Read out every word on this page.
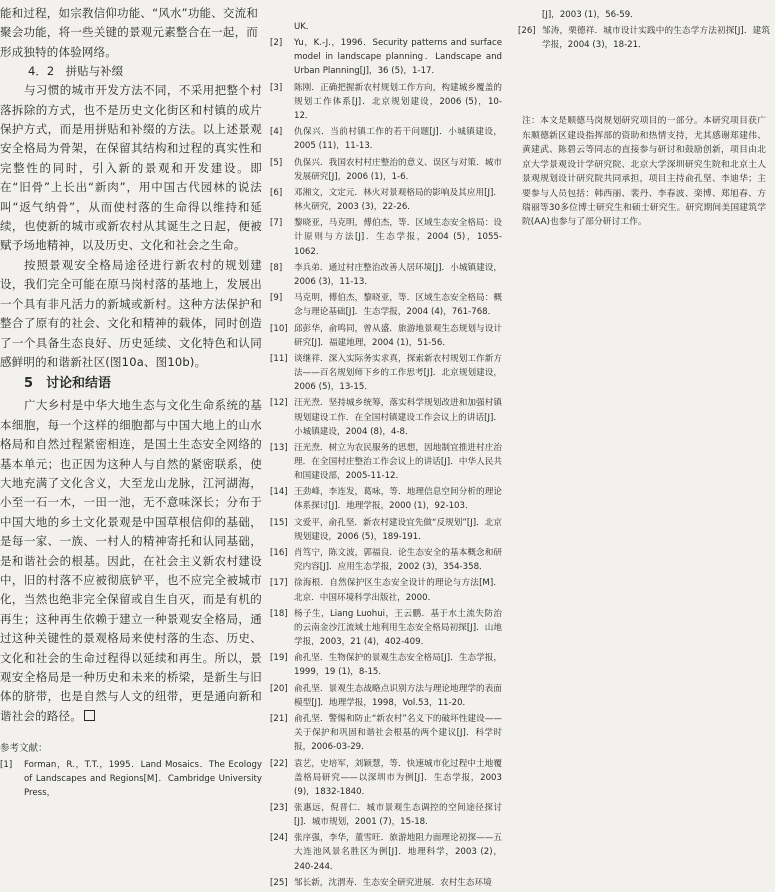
能和过程，如宗教信仰功能、“风水”功能、交流和聚会功能，将一些关键的景观元素整合在一起，而形成独特的体验网络。

4．2　拼贴与补缀

与习惯的城市开发方法不同，不采用把整个村落拆除的方式，也不是历史文化街区和村镇的成片保护方式，而是用拼贴和补缀的方法。以上述景观安全格局为骨架，在保留其结构和过程的真实性和完整性的同时，引入新的景观和开发建设。即在“旧骨”上长出“新肉”，用中国古代园林的说法叫“返气纳骨”，从而使村落的生命得以维持和延续，也使新的城市或新农村从其诞生之日起，便被赋予场地精神，以及历史、文化和社会之生命。

按照景观安全格局途径进行新农村的规划建设，我们完全可能在原马岗村落的基地上，发展出一个具有非凡活力的新城或新村。这种方法保护和整合了原有的社会、文化和精神的载体，同时创造了一个具备生态良好、历史延续、文化特色和认同感鲜明的和谐新社区(图10a、图10b)。

5　讨论和结语

广大乡村是中华大地生态与文化生命系统的基本细胞，每一个这样的细胞都与中国大地上的山水格局和自然过程紧密相连，是国土生态安全网络的基本单元；也正因为这种人与自然的紧密联系，使大地充满了文化含义，大至龙山龙脉，江河湖海，小至一石一木，一田一池，无不意味深长；分布于中国大地的乡土文化景观是中国草根信仰的基础，是每一家、一族、一村人的精神寄托和认同基础，是和谐社会的根基。因此，在社会主义新农村建设中，旧的村落不应被彻底铲平，也不应完全被城市化，当然也绝非完全保留或自生自灭，而是有机的再生；这种再生依赖于建立一种景观安全格局，通过这种关键性的景观格局来使村落的生态、历史、文化和社会的生命过程得以延续和再生。所以，景观安全格局是一种历史和未来的桥梁，是新生与旧体的脐带，也是自然与人文的纽带，更是通向新和谐社会的路径。

参考文献：

[1]	Forman，R.，T.T.，1995．Land Mosaics．The Ecology of Landscapes and Regions[M]．Cambridge University Press，
UK．
[2]	Yu，K.-J.，1996．Security patterns and surface model in landscape planning．Landscape and Urban Planning[J]，36 (5)，1-17．
[3]	陈刚．正确把握新农村规划工作方向，构建城乡覆盖的规划工作体系[J]．北京规划建设，2006 (5)，10-12．
[4]	仇保兴．当前村镇工作的若干问题[J]．小城镇建设，2005 (11)，11-13．
[5]	仇保兴．我国农村村庄整治的意义、误区与对策．城市发展研究[J]，2006 (1)，1-6．
[6]	邓湘文，文定元．林火对景观格局的影响及其应用[J]．林火研究，2003 (3)，22-26．
[7]	黎晓亚，马克明，傅伯杰，等．区域生态安全格局：设计原则与方法[J]．生态学报，2004 (5)，1055-1062．
[8]	李兵弟．通过村庄整治改善人居环境[J]．小城镇建设，2006 (3)，11-13．
[9]	马克明，傅伯杰，黎晓亚，等．区域生态安全格局：概念与理论基础[J]．生态学报，2004 (4)，761-768．
[10] 邱彭华，俞鸣同，曾从盛．旅游地景观生态规划与设计研究[J]．福建地理，2004 (1)，51-56．
[11] 谈继祥．深入实际务实求真，探索新农村规划工作新方法——百名规划师下乡的工作思考[J]．北京规划建设，2006 (5)，13-15．
[12] 汪光焘．坚持城乡统筹，落实科学规划改进和加强村镇规划建设工作．在全国村镇建设工作会议上的讲话[J]．小城镇建设，2004 (8)，4-8．
[13] 汪光焘．树立为农民服务的思想，因地制宜推进村庄治理．在全国村庄整治工作会议上的讲话[J]．中华人民共和国建设部，2005-11-12．
[14] 王劲峰，李连发，葛咏，等．地理信息空间分析的理论体系探讨[J]．地理学报，2000 (1)，92-103．
[15] 文爱平，俞孔坚．新农村建设宜先做“反规划”[J]．北京规划建设，2006 (5)，189-191．
[16] 肖笃宁，陈文波，郭福良．论生态安全的基本概念和研究内容[J]．应用生态学报，2002 (3)，354-358．
[17] 徐海根．自然保护区生态安全设计的理论与方法[M]．北京．中国环境科学出版社，2000．
[18] 杨子生，Liang Luohui，王云鹏．基于水土流失防治的云南金沙江流域土地利用生态安全格局初探[J]．山地学报，2003，21 (4)，402-409．
[19] 俞孔坚．生物保护的景观生态安全格局[J]．生态学报，1999，19 (1)，8-15．
[20] 俞孔坚．景观生态战略点识别方法与理论地理学的表面模型[J]．地理学报，1998，Vol.53，11-20．
[21] 俞孔坚．警惕和防止“新农村”名义下的破坏性建设——关于保护和巩固和谐社会根基的两个建议[J]．科学时报，2006-03-29．
[22] 袁艺，史培军，刘颖慧，等．快速城市化过程中土地覆盖格局研究——以深圳市为例[J]．生态学报，2003 (9)，1832-1840．
[23] 张惠远，倪晋仁．城市景观生态调控的空间途径探讨[J]．城市规划，2001 (7)，15-18．
[24] 张序强，李华，董雪旺．旅游地阻力面理论初探——五大连池风景名胜区为例[J]．地理科学，2003 (2)，240-244．
[25] 邹长新，沈渭寿．生态安全研究进展．农村生态环境
[J]，2003 (1)，56-59．
[26] 邹涛，栗德祥．城市设计实践中的生态学方法初探[J]．建筑学报，2004 (3)，18-21．

注：本文是顺德马岗规划研究项目的一部分。本研究项目获广东顺德新区建设指挥部的资助和热情支持，尤其感谢郑建伟、黄建武、陈碧云等同志的直接参与研讨和鼓励创新，项目由北京大学景观设计学研究院、北京大学深圳研究生院和北京土人景观规划设计研究院共同承担，项目主持俞孔坚、李迪华；主要参与人员包括：韩西丽、裴丹、李春波、栾博、郑旭春、方瑞丽等30多位博士研究生和硕士研究生。研究期间美国建筑学院(AA)也参与了部分研讨工作。
